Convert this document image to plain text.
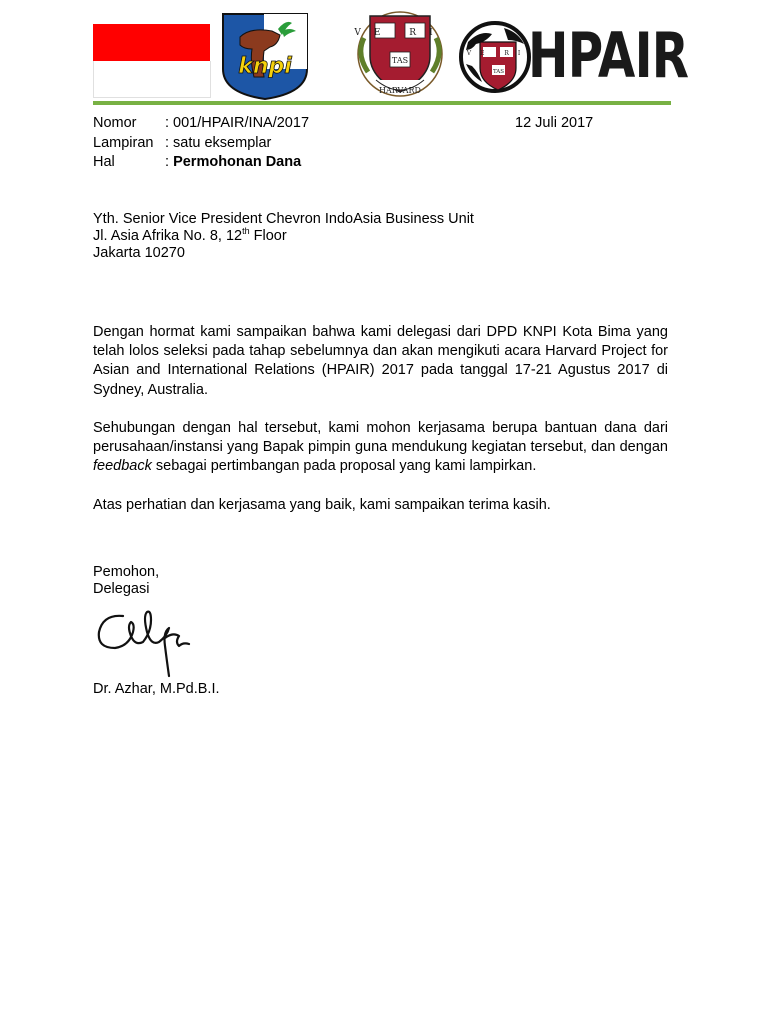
knpi
VE RI
TAS
HARVARD
VE RI
TAS HPAIR
Nomor : 001/HPAIR/INA/2017	12 Juli 2017
Lampiran : satu eksemplar
Hal	: Permohonan Dana
Yth. Senior Vice President Chevron IndoAsia Business Unit
Jl. Asia Afrika No. 8, 12th Floor
Jakarta 10270
Dengan hormat kami sampaikan bahwa kami delegasi dari DPD KNPI Kota Bima yang telah lolos seleksi pada tahap sebelumnya dan akan mengikuti acara Harvard Project for Asian and International Relations (HPAIR) 2017 pada tanggal 17-21 Agustus 2017 di Sydney, Australia.
Sehubungan dengan hal tersebut, kami mohon kerjasama berupa bantuan dana dari perusahaan/instansi yang Bapak pimpin guna mendukung kegiatan tersebut, dan dengan feedback sebagai pertimbangan pada proposal yang kami lampirkan.
Atas perhatian dan kerjasama yang baik, kami sampaikan terima kasih.
Pemohon,
Delegasi
Dr. Azhar, M.Pd.B.I.
